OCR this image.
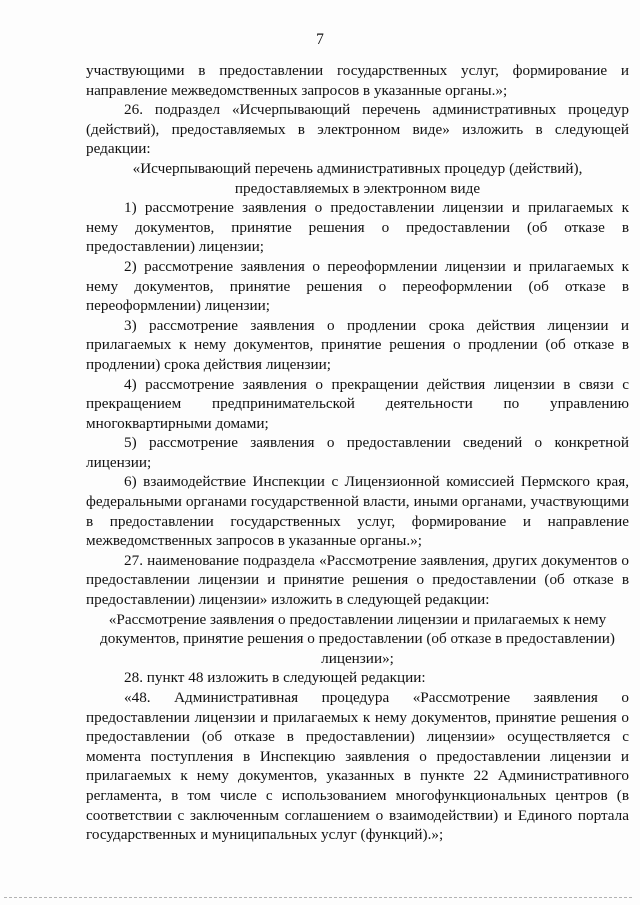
7

участвующими в предоставлении государственных услуг, формирование и направление межведомственных запросов в указанные органы.»;

26. подраздел «Исчерпывающий перечень административных процедур (действий), предоставляемых в электронном виде» изложить в следующей редакции:

«Исчерпывающий перечень административных процедур (действий), предоставляемых в электронном виде

1) рассмотрение заявления о предоставлении лицензии и прилагаемых к нему документов, принятие решения о предоставлении (об отказе в предоставлении) лицензии;

2) рассмотрение заявления о переоформлении лицензии и прилагаемых к нему документов, принятие решения о переоформлении (об отказе в переоформлении) лицензии;

3) рассмотрение заявления о продлении срока действия лицензии и прилагаемых к нему документов, принятие решения о продлении (об отказе в продлении) срока действия лицензии;

4) рассмотрение заявления о прекращении действия лицензии в связи с прекращением предпринимательской деятельности по управлению многоквартирными домами;

5) рассмотрение заявления о предоставлении сведений о конкретной лицензии;

6) взаимодействие Инспекции с Лицензионной комиссией Пермского края, федеральными органами государственной власти, иными органами, участвующими в предоставлении государственных услуг, формирование и направление межведомственных запросов в указанные органы.»;

27. наименование подраздела «Рассмотрение заявления, других документов о предоставлении лицензии и принятие решения о предоставлении (об отказе в предоставлении) лицензии» изложить в следующей редакции:

«Рассмотрение заявления о предоставлении лицензии и прилагаемых к нему документов, принятие решения о предоставлении (об отказе в предоставлении) лицензии»;

28. пункт 48 изложить в следующей редакции:

«48. Административная процедура «Рассмотрение заявления о предоставлении лицензии и прилагаемых к нему документов, принятие решения о предоставлении (об отказе в предоставлении) лицензии» осуществляется с момента поступления в Инспекцию заявления о предоставлении лицензии и прилагаемых к нему документов, указанных в пункте 22 Административного регламента, в том числе с использованием многофункциональных центров (в соответствии с заключенным соглашением о взаимодействии) и Единого портала государственных и муниципальных услуг (функций).»;
